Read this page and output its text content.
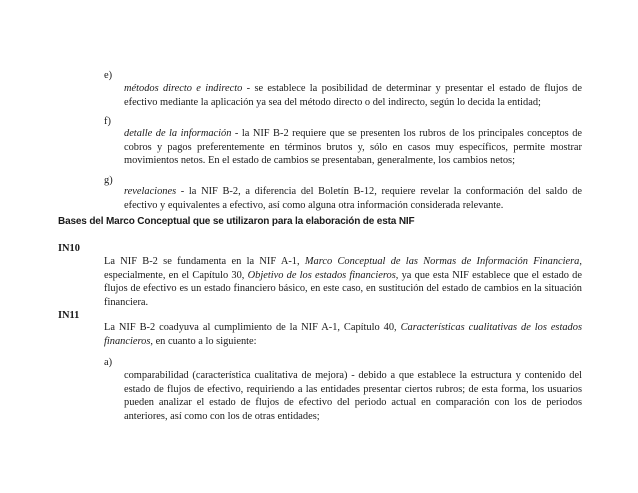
e)
métodos directo e indirecto - se establece la posibilidad de determinar y presentar el estado de flujos de efectivo mediante la aplicación ya sea del método directo o del indirecto, según lo decida la entidad;
f)
detalle de la información - la NIF B-2 requiere que se presenten los rubros de los principales conceptos de cobros y pagos preferentemente en términos brutos y, sólo en casos muy específicos, permite mostrar movimientos netos. En el estado de cambios se presentaban, generalmente, los cambios netos;
g)
revelaciones - la NIF B-2, a diferencia del Boletín B-12, requiere revelar la conformación del saldo de efectivo y equivalentes a efectivo, así como alguna otra información considerada relevante.
Bases del Marco Conceptual que se utilizaron para la elaboración de esta NIF
IN10
La NIF B-2 se fundamenta en la NIF A-1, Marco Conceptual de las Normas de Información Financiera, especialmente, en el Capítulo 30, Objetivo de los estados financieros, ya que esta NIF establece que el estado de flujos de efectivo es un estado financiero básico, en este caso, en sustitución del estado de cambios en la situación financiera.
IN11
La NIF B-2 coadyuva al cumplimiento de la NIF A-1, Capítulo 40, Características cualitativas de los estados financieros, en cuanto a lo siguiente:
a)
comparabilidad (característica cualitativa de mejora) - debido a que establece la estructura y contenido del estado de flujos de efectivo, requiriendo a las entidades presentar ciertos rubros; de esta forma, los usuarios pueden analizar el estado de flujos de efectivo del periodo actual en comparación con los de periodos anteriores, así como con los de otras entidades;
